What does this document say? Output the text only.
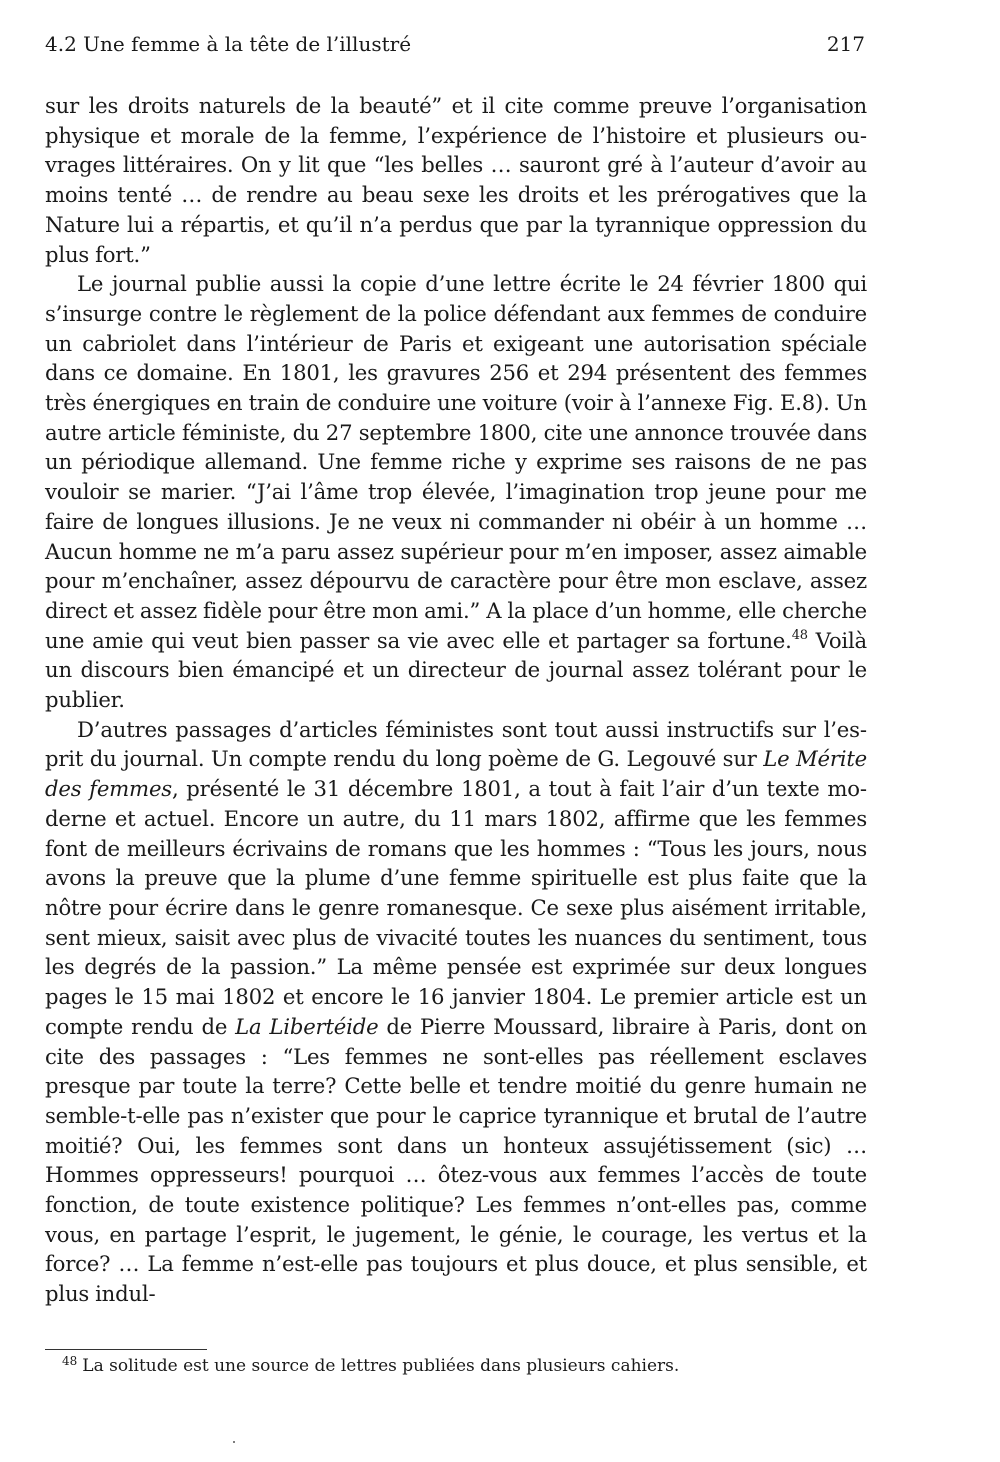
4.2 Une femme à la tête de l’illustré	217

sur les droits naturels de la beauté” et il cite comme preuve l’organisation physique et morale de la femme, l’expérience de l’histoire et plusieurs ouvrages littéraires. On y lit que “les belles … sauront gré à l’auteur d’avoir au moins tenté … de rendre au beau sexe les droits et les prérogatives que la Nature lui a répartis, et qu’il n’a perdus que par la tyrannique oppression du plus fort.”

Le journal publie aussi la copie d’une lettre écrite le 24 février 1800 qui s’insurge contre le règlement de la police défendant aux femmes de conduire un cabriolet dans l’intérieur de Paris et exigeant une autorisation spéciale dans ce domaine. En 1801, les gravures 256 et 294 présentent des femmes très énergiques en train de conduire une voiture (voir à l’annexe Fig. E.8). Un autre article féministe, du 27 septembre 1800, cite une annonce trouvée dans un périodique allemand. Une femme riche y exprime ses raisons de ne pas vouloir se marier. “J’ai l’âme trop élevée, l’imagination trop jeune pour me faire de longues illusions. Je ne veux ni commander ni obéir à un homme … Aucun homme ne m’a paru assez supérieur pour m’en imposer, assez aimable pour m’enchaîner, assez dépourvu de caractère pour être mon esclave, assez direct et assez fidèle pour être mon ami.” A la place d’un homme, elle cherche une amie qui veut bien passer sa vie avec elle et partager sa fortune.$^{48}$ Voilà un discours bien émancipé et un directeur de journal assez tolérant pour le publier.

D’autres passages d’articles féministes sont tout aussi instructifs sur l’esprit du journal. Un compte rendu du long poème de G. Legouvé sur Le Mérite des femmes, présenté le 31 décembre 1801, a tout à fait l’air d’un texte moderne et actuel. Encore un autre, du 11 mars 1802, affirme que les femmes font de meilleurs écrivains de romans que les hommes : “Tous les jours, nous avons la preuve que la plume d’une femme spirituelle est plus faite que la nôtre pour écrire dans le genre romanesque. Ce sexe plus aisément irritable, sent mieux, saisit avec plus de vivacité toutes les nuances du sentiment, tous les degrés de la passion.” La même pensée est exprimée sur deux longues pages le 15 mai 1802 et encore le 16 janvier 1804. Le premier article est un compte rendu de La Libertéide de Pierre Moussard, libraire à Paris, dont on cite des passages : “Les femmes ne sont-elles pas réellement esclaves presque par toute la terre? Cette belle et tendre moitié du genre humain ne semble-t-elle pas n’exister que pour le caprice tyrannique et brutal de l’autre moitié? Oui, les femmes sont dans un honteux assujétissement (sic) … Hommes oppresseurs! pourquoi … ôtez-vous aux femmes l’accès de toute fonction, de toute existence politique? Les femmes n’ont-elles pas, comme vous, en partage l’esprit, le jugement, le génie, le courage, les vertus et la force? … La femme n’est-elle pas toujours et plus douce, et plus sensible, et plus indul-

$^{48}$ La solitude est une source de lettres publiées dans plusieurs cahiers.
